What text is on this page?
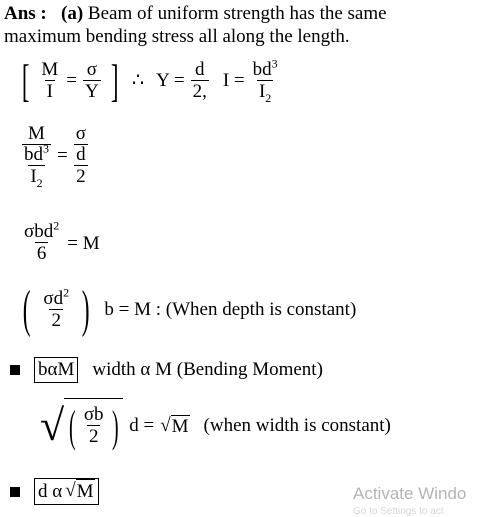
Ans : (a) Beam of uniform strength has the same
maximum bending stress all along the length.
[ $\frac{M}{I} = \frac{\sigma}{Y}$ ] ∴ $Y = \frac{d}{2,}$ $I = \frac{bd^3}{I_2}$
$\frac{M}{\frac{bd^3}{I_2}} = \frac{\sigma}{\frac{d}{2}}$
$\frac{\sigma bd^2}{6} = M$
( $\frac{\sigma d^2}{2}$ ) b = M : (When depth is constant)
bαM width α M (Bending Moment)
√ ( $\frac{\sigma b}{2}$ ) d = √ M (when width is constant)
d α √ M	Activate Windo
Go to Settings to act
